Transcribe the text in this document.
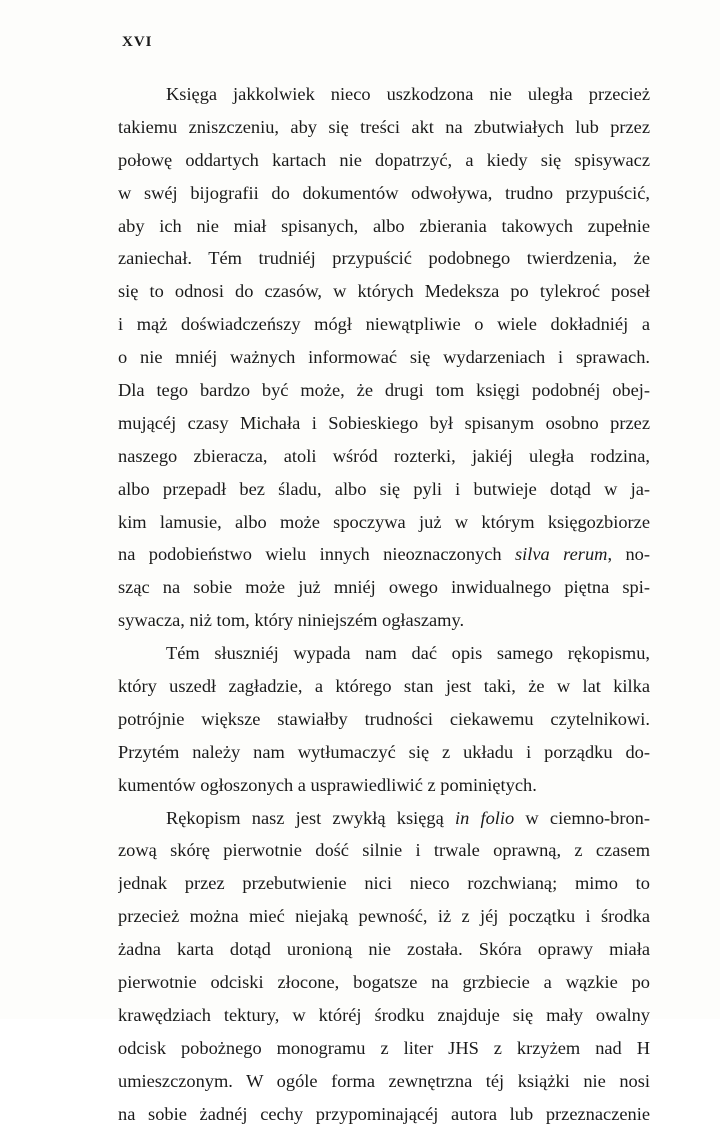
XVI
Księga jakkolwiek nieco uszkodzona nie uległa przecież
takiemu zniszczeniu, aby się treści akt na zbutwiałych lub przez
połowę oddartych kartach nie dopatrzyć, a kiedy się spisywacz
w swéj bijografii do dokumentów odwoływa, trudno przypuścić,
aby ich nie miał spisanych, albo zbierania takowych zupełnie
zaniechał. Tém trudniéj przypuścić podobnego twierdzenia, że
się to odnosi do czasów, w których Medeksza po tylekroć poseł
i mąż doświadczeńszy mógł niewątpliwie o wiele dokładniéj a
o nie mniéj ważnych informować się wydarzeniach i sprawach.
Dla tego bardzo być może, że drugi tom księgi podobnéj obej-
mującéj czasy Michała i Sobieskiego był spisanym osobno przez
naszego zbieracza, atoli wśród rozterki, jakiéj uległa rodzina,
albo przepadł bez śladu, albo się pyli i butwieje dotąd w ja-
kim lamusie, albo może spoczywa już w którym księgozbiorze
na podobieństwo wielu innych nieoznaczonych silva rerum, no-
sząc na sobie może już mniéj owego inwidualnego piętna spi-
sywacza, niż tom, który niniejszém ogłaszamy.
Tém słuszniéj wypada nam dać opis samego rękopismu,
który uszedł zagładzie, a którego stan jest taki, że w lat kilka
potrójnie większe stawiałby trudności ciekawemu czytelnikowi.
Przytém należy nam wytłumaczyć się z układu i porządku do-
kumentów ogłoszonych a usprawiedliwić z pominiętych.
Rękopism nasz jest zwykłą księgą in folio w ciemno-bron-
zową skórę pierwotnie dość silnie i trwale oprawną, z czasem
jednak przez przebutwienie nici nieco rozchwianą; mimo to
przecież można mieć niejaką pewność, iż z jéj początku i środka
żadna karta dotąd uronioną nie została. Skóra oprawy miała
pierwotnie odciski złocone, bogatsze na grzbiecie a wązkie po
krawędziach tektury, w któréj środku znajduje się mały owalny
odcisk pobożnego monogramu z liter JHS z krzyżem nad H
umieszczonym. W ogóle forma zewnętrzna téj książki nie nosi
na sobie żadnéj cechy przypominającéj autora lub przeznaczenie
